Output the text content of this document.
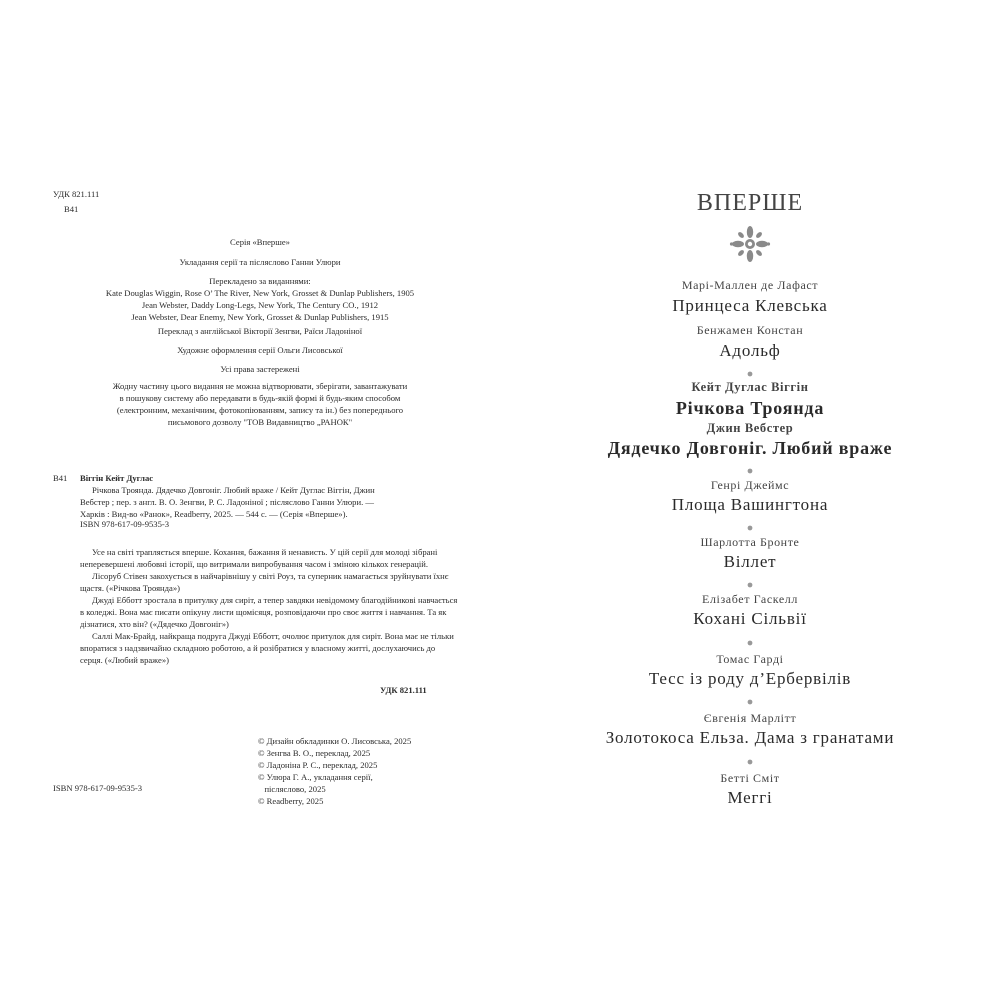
УДК 821.111
В41
Серія «Вперше»
Укладання серії та післяслово Ганни Улюри
Перекладено за виданнями:
Kate Douglas Wiggin, Rose O’ The River, New York, Grosset & Dunlap Publishers, 1905
Jean Webster, Daddy Long-Legs, New York, The Century CO., 1912
Jean Webster, Dear Enemy, New York, Grosset & Dunlap Publishers, 1915
Переклад з англійської Вікторії Зенгви, Раїси Ладоніної
Художнє оформлення серії Ольги Лисовської
Усі права застережені
Жодну частину цього видання не можна відтворювати, зберігати, завантажувати
в пошукову систему або передавати в будь-якій формі й будь-яким способом
(електронним, механічним, фотокопіюванням, запису та ін.) без попереднього
письмового дозволу "ТОВ Видавництво „РАНОК"
В41 Віггін Кейт Дуглас
Річкова Троянда. Дядечко Довгоніг. Любий враже / Кейт Дуглас Віггін, Джин
Вебстер ; пер. з англ. В. О. Зенгви, Р. С. Ладоніної ; післяслово Ганни Улюри. —
Харків : Вид-во «Ранок», Readberry, 2025. — 544 с. — (Серія «Вперше»).
ISBN 978-617-09-9535-3

Усе на світі трапляється вперше. Кохання, бажання й ненависть. У цій серії для молоді зібрані неперевершені любовні історії, що витримали випробування часом і зміною кількох генерацій.

Лісоруб Стівен закохується в найчарівнішу у світі Роуз, та суперник намагається зруйнувати їхнє щастя. («Річкова Троянда»)

Джуді Ебботт зростала в притулку для сиріт, а тепер завдяки невідомому благодійникові навчається в коледжі. Вона має писати опікуну листи щомісяця, розповідаючи про своє життя і навчання. Та як дізнатися, хто він? («Дядечко Довгоніг»)

Саллі Мак-Брайд, найкраща подруга Джуді Ебботт, очолює притулок для сиріт. Вона має не тільки впоратися з надзвичайно складною роботою, а й розібратися у власному житті, дослухаючись до серця. («Любий враже»)

УДК 821.111
© Дизайн обкладинки О. Лисовська, 2025
© Зенгва В. О., переклад, 2025
© Ладоніна Р. С., переклад, 2025
© Улюра Г. А., укладання серії,
післяслово, 2025
© Readberry, 2025
ISBN 978-617-09-9535-3
ВПЕРШЕ
Марі-Маллен де Лафаст
Принцеса Клевська
Бенжамен Констан
Адольф
Кейт Дуглас Віггін
Річкова Троянда
Джин Вебстер
Дядечко Довгоніг. Любий враже
Генрі Джеймс
Площа Вашингтона
Шарлотта Бронте
Віллет
Елізабет Гаскелл
Кохані Сільвії
Томас Гарді
Тесс із роду д’Ербервілів
Євгенія Марлітт
Золотокоса Ельза. Дама з гранатами
Бетті Сміт
Меггі
